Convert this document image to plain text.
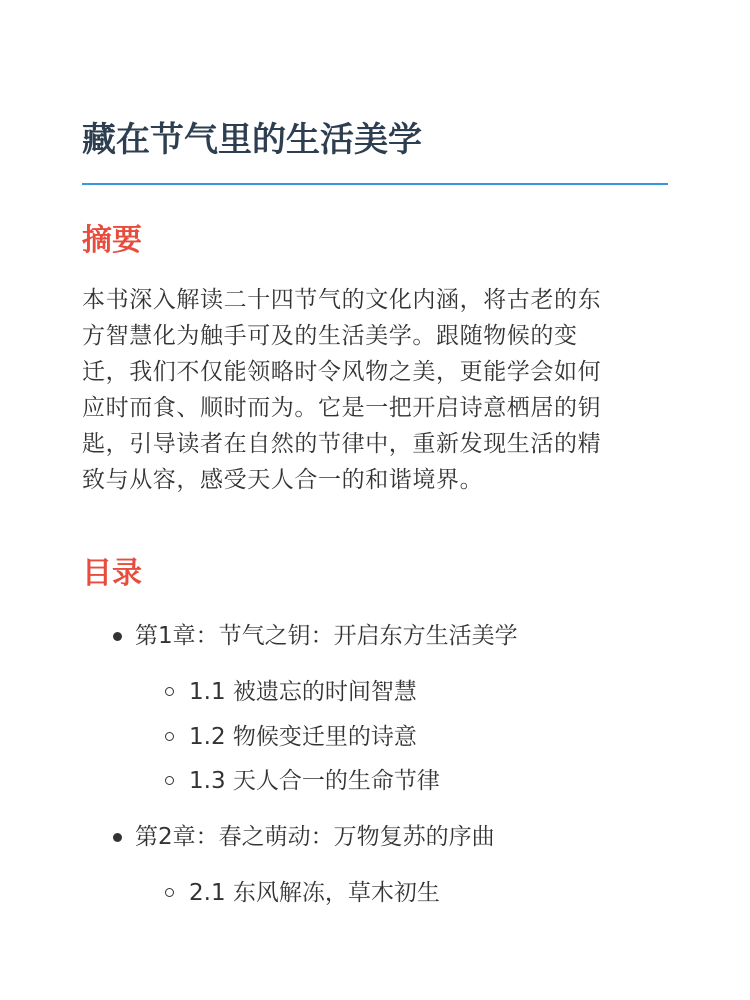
藏在节气里的生活美学
摘要

本书深入解读二十四节气的文化内涵，将古老的东
方智慧化为触手可及的生活美学。跟随物候的变
迁，我们不仅能领略时令风物之美，更能学会如何
应时而食、顺时而为。它是一把开启诗意栖居的钥
匙，引导读者在自然的节律中，重新发现生活的精
致与从容，感受天人合一的和谐境界。

目录
第1章：节气之钥：开启东方生活美学
1.1 被遗忘的时间智慧
1.2 物候变迁里的诗意
1.3 天人合一的生命节律
第2章：春之萌动：万物复苏的序曲
2.1 东风解冻，草木初生
